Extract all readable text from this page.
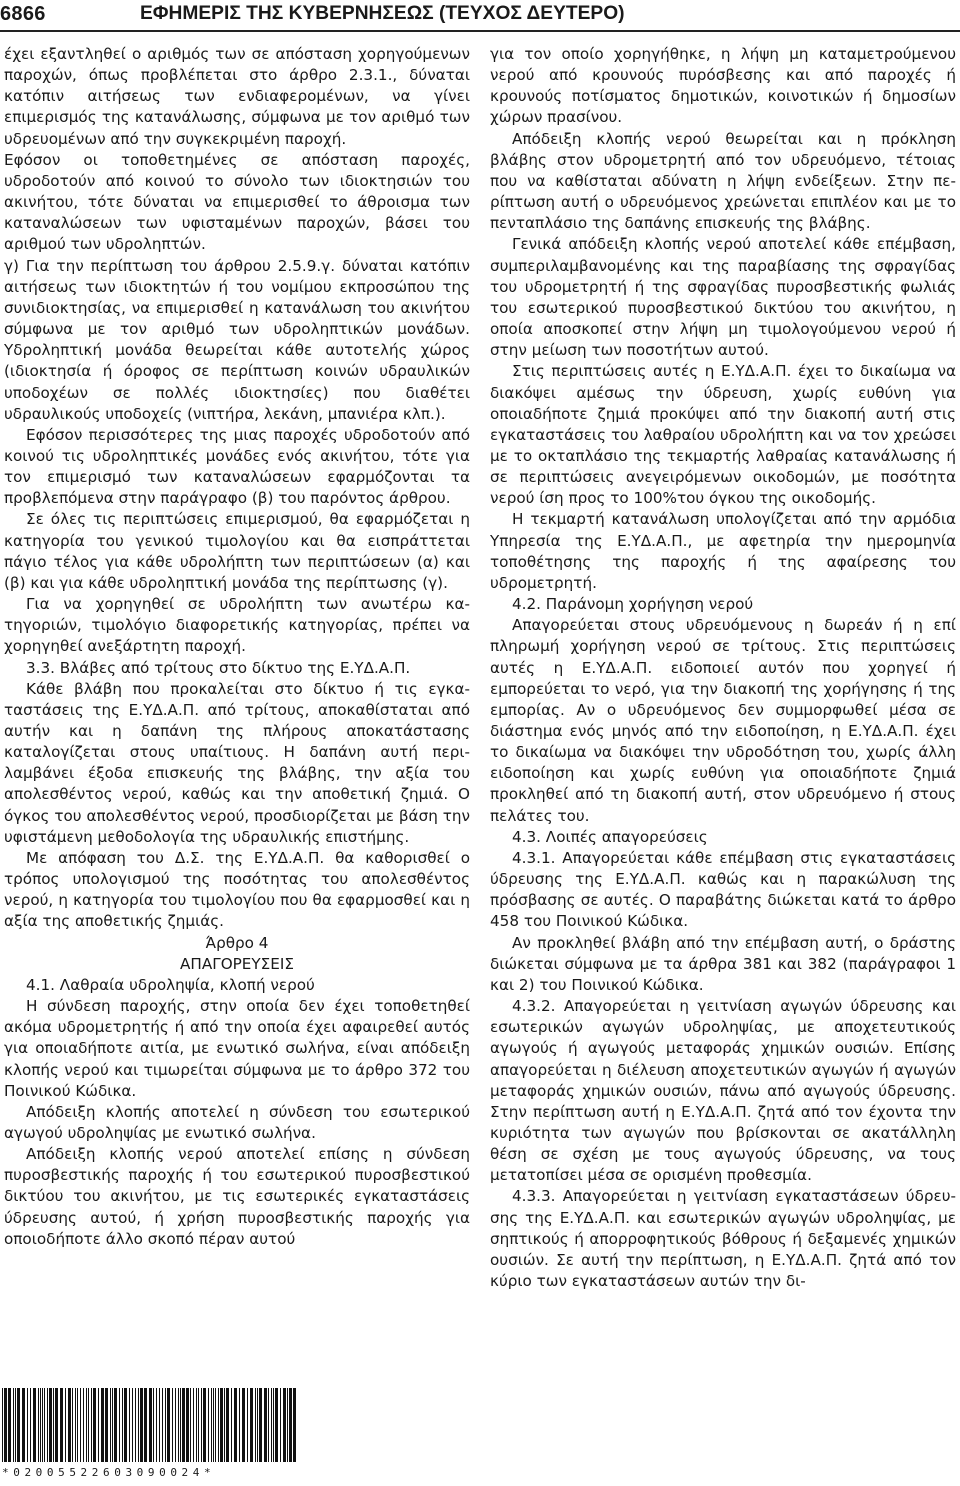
6866	ΕΦΗΜΕΡΙΣ ΤΗΣ ΚΥΒΕΡΝΗΣΕΩΣ (ΤΕΥΧΟΣ ΔΕΥΤΕΡΟ)

έχει εξαντληθεί ο αριθμός των σε απόσταση χορηγούμενων παροχών, όπως προβλέπεται στο άρθρο 2.3.1., δύναται κατόπιν αιτήσεως των ενδιαφερομένων, να γίνει επιμερισμός της κατανάλωσης, σύμφωνα με τον αριθμό των υδρευομένων από την συγκεκριμένη παροχή.

Εφόσον οι τοποθετημένες σε απόσταση παροχές, υδροδοτούν από κοινού το σύνολο των ιδιοκτησιών του ακινήτου, τότε δύναται να επιμερισθεί το άθροισμα των καταναλώσεων των υφισταμένων παροχών, βάσει του αριθμού των υδροληπτών.

γ) Για την περίπτωση του άρθρου 2.5.9.γ. δύναται κατόπιν αιτήσεως των ιδιοκτητών ή του νομίμου εκπροσώπου της συνιδιοκτησίας, να επιμερισθεί η κατανάλωση του ακινήτου σύμφωνα με τον αριθμό των υδροληπτικών μονάδων. Υδροληπτική μονάδα θεωρείται κάθε αυτοτελής χώρος (ιδιοκτησία ή όροφος σε περίπτωση κοινών υδραυλικών υποδοχέων σε πολλές ιδιοκτησίες) που διαθέτει υδραυλικούς υποδοχείς (νιπτήρα, λεκάνη, μπανιέρα κλπ.).

Εφόσον περισσότερες της μιας παροχές υδροδοτούν από κοινού τις υδροληπτικές μονάδες ενός ακινήτου, τότε για τον επιμερισμό των καταναλώσεων εφαρμόζονται τα προβλεπόμενα στην παράγραφο (β) του παρόντος άρθρου.

Σε όλες τις περιπτώσεις επιμερισμού, θα εφαρμόζεται η κατηγορία του γενικού τιμολογίου και θα εισπράττεται πάγιο τέλος για κάθε υδρολήπτη των περιπτώσεων (α) και (β) και για κάθε υδροληπτική μονάδα της περίπτωσης (γ).

Για να χορηγηθεί σε υδρολήπτη των ανωτέρω κατηγοριών, τιμολόγιο διαφορετικής κατηγορίας, πρέπει να χορηγηθεί ανεξάρτητη παροχή.

3.3. Βλάβες από τρίτους στο δίκτυο της Ε.ΥΔ.Α.Π.

Κάθε βλάβη που προκαλείται στο δίκτυο ή τις εγκαταστάσεις της Ε.ΥΔ.Α.Π. από τρίτους, αποκαθίσταται από αυτήν και η δαπάνη της πλήρους αποκατάστασης καταλογίζεται στους υπαίτιους. Η δαπάνη αυτή περιλαμβάνει έξοδα επισκευής της βλάβης, την αξία του απολεσθέντος νερού, καθώς και την αποθετική ζημιά. Ο όγκος του απολεσθέντος νερού, προσδιορίζεται με βάση την υφιστάμενη μεθοδολογία της υδραυλικής επιστήμης.

Με απόφαση του Δ.Σ. της Ε.ΥΔ.Α.Π. θα καθορισθεί ο τρόπος υπολογισμού της ποσότητας του απολεσθέντος νερού, η κατηγορία του τιμολογίου που θα εφαρμοσθεί και η αξία της αποθετικής ζημιάς.

Άρθρο 4

ΑΠΑΓΟΡΕΥΣΕΙΣ

4.1. Λαθραία υδροληψία, κλοπή νερού

Η σύνδεση παροχής, στην οποία δεν έχει τοποθετηθεί ακόμα υδρομετρητής ή από την οποία έχει αφαιρεθεί αυτός για οποιαδήποτε αιτία, με ενωτικό σωλήνα, είναι απόδειξη κλοπής νερού και τιμωρείται σύμφωνα με το άρθρο 372 του Ποινικού Κώδικα.

Απόδειξη κλοπής αποτελεί η σύνδεση του εσωτερικού αγωγού υδροληψίας με ενωτικό σωλήνα.

Απόδειξη κλοπής νερού αποτελεί επίσης η σύνδεση πυροσβεστικής παροχής ή του εσωτερικού πυροσβεστικού δικτύου του ακινήτου, με τις εσωτερικές εγκαταστάσεις ύδρευσης αυτού, ή χρήση πυροσβεστικής παροχής για οποιοδήποτε άλλο σκοπό πέραν αυτού

για τον οποίο χορηγήθηκε, η λήψη μη καταμετρούμενου νερού από κρουνούς πυρόσβεσης και από παροχές ή κρουνούς ποτίσματος δημοτικών, κοινοτικών ή δημοσίων χώρων πρασίνου.

Απόδειξη κλοπής νερού θεωρείται και η πρόκληση βλάβης στον υδρομετρητή από τον υδρευόμενο, τέτοιας που να καθίσταται αδύνατη η λήψη ενδείξεων. Στην περίπτωση αυτή ο υδρευόμενος χρεώνεται επιπλέον και με το πενταπλάσιο της δαπάνης επισκευής της βλάβης.

Γενικά απόδειξη κλοπής νερού αποτελεί κάθε επέμβαση, συμπεριλαμβανομένης και της παραβίασης της σφραγίδας του υδρομετρητή ή της σφραγίδας πυροσβεστικής φωλιάς του εσωτερικού πυροσβεστικού δικτύου του ακινήτου, η οποία αποσκοπεί στην λήψη μη τιμολογούμενου νερού ή στην μείωση των ποσοτήτων αυτού.

Στις περιπτώσεις αυτές η Ε.ΥΔ.Α.Π. έχει το δικαίωμα να διακόψει αμέσως την ύδρευση, χωρίς ευθύνη για οποιαδήποτε ζημιά προκύψει από την διακοπή αυτή στις εγκαταστάσεις του λαθραίου υδρολήπτη και να τον χρεώσει με το οκταπλάσιο της τεκμαρτής λαθραίας κατανάλωσης ή σε περιπτώσεις ανεγειρόμενων οικοδομών, με ποσότητα νερού ίση προς το 100%του όγκου της οικοδομής.

Η τεκμαρτή κατανάλωση υπολογίζεται από την αρμόδια Υπηρεσία της Ε.ΥΔ.Α.Π., με αφετηρία την ημερομηνία τοποθέτησης της παροχής ή της αφαίρεσης του υδρομετρητή.

4.2. Παράνομη χορήγηση νερού

Απαγορεύεται στους υδρευόμενους η δωρεάν ή η επί πληρωμή χορήγηση νερού σε τρίτους. Στις περιπτώσεις αυτές η Ε.ΥΔ.Α.Π. ειδοποιεί αυτόν που χορηγεί ή εμπορεύεται το νερό, για την διακοπή της χορήγησης ή της εμπορίας. Αν ο υδρευόμενος δεν συμμορφωθεί μέσα σε διάστημα ενός μηνός από την ειδοποίηση, η Ε.ΥΔ.Α.Π. έχει το δικαίωμα να διακόψει την υδροδότηση του, χωρίς άλλη ειδοποίηση και χωρίς ευθύνη για οποιαδήποτε ζημιά προκληθεί από τη διακοπή αυτή, στον υδρευόμενο ή στους πελάτες του.

4.3. Λοιπές απαγορεύσεις

4.3.1. Απαγορεύεται κάθε επέμβαση στις εγκαταστάσεις ύδρευσης της Ε.ΥΔ.Α.Π. καθώς και η παρακώλυση της πρόσβασης σε αυτές. Ο παραβάτης διώκεται κατά το άρθρο 458 του Ποινικού Κώδικα.

Αν προκληθεί βλάβη από την επέμβαση αυτή, ο δράστης διώκεται σύμφωνα με τα άρθρα 381 και 382 (παράγραφοι 1 και 2) του Ποινικού Κώδικα.

4.3.2. Απαγορεύεται η γειτνίαση αγωγών ύδρευσης και εσωτερικών αγωγών υδροληψίας, με αποχετευτικούς αγωγούς ή αγωγούς μεταφοράς χημικών ουσιών. Επίσης απαγορεύεται η διέλευση αποχετευτικών αγωγών ή αγωγών μεταφοράς χημικών ουσιών, πάνω από αγωγούς ύδρευσης. Στην περίπτωση αυτή η Ε.ΥΔ.Α.Π. ζητά από τον έχοντα την κυριότητα των αγωγών που βρίσκονται σε ακατάλληλη θέση σε σχέση με τους αγωγούς ύδρευσης, να τους μετατοπίσει μέσα σε ορισμένη προθεσμία.

4.3.3. Απαγορεύεται η γειτνίαση εγκαταστάσεων ύδρευσης της Ε.ΥΔ.Α.Π. και εσωτερικών αγωγών υδροληψίας, με σηπτικούς ή απορροφητικούς βόθρους ή δεξαμενές χημικών ουσιών. Σε αυτή την περίπτωση, η Ε.ΥΔ.Α.Π. ζητά από τον κύριο των εγκαταστάσεων αυτών την δι-

*02005522603090024*
